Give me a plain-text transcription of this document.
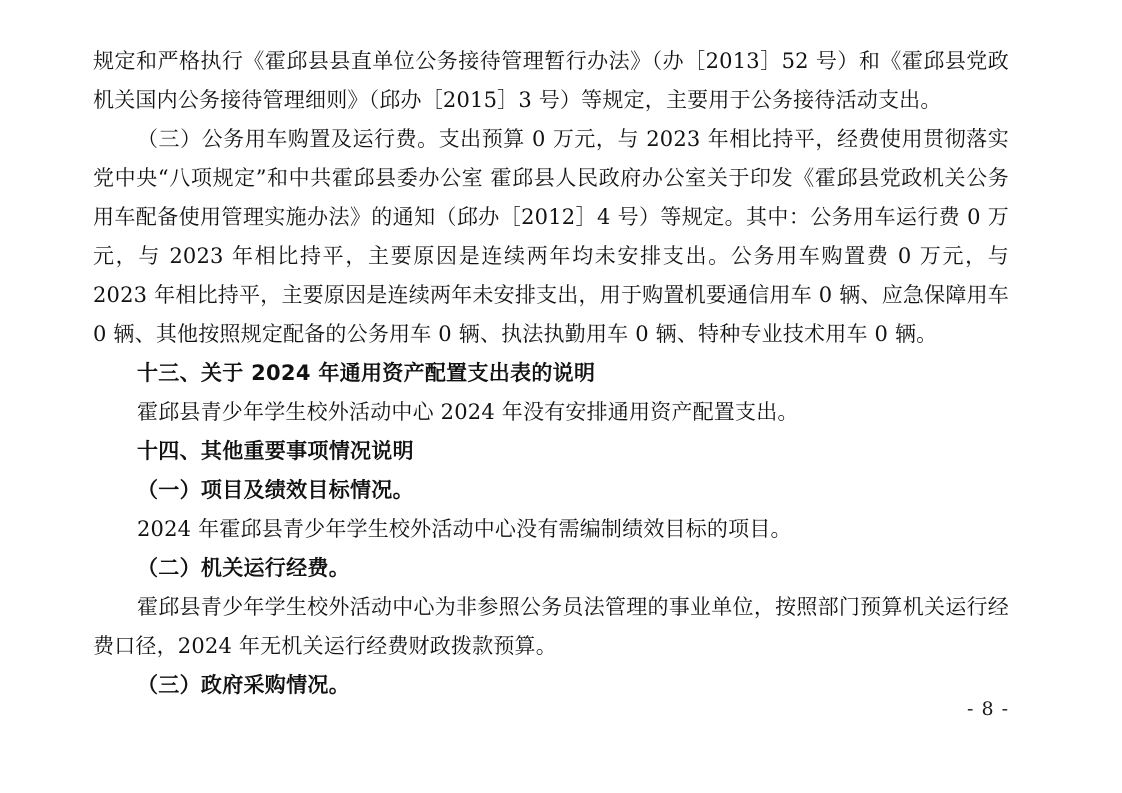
规定和严格执行《霍邱县县直单位公务接待管理暂行办法》（办［2013］52 号）和《霍邱县党政机关国内公务接待管理细则》（邱办［2015］3 号）等规定，主要用于公务接待活动支出。

（三）公务用车购置及运行费。支出预算 0 万元，与 2023 年相比持平，经费使用贯彻落实党中央“八项规定”和中共霍邱县委办公室 霍邱县人民政府办公室关于印发《霍邱县党政机关公务用车配备使用管理实施办法》的通知（邱办［2012］4 号）等规定。其中：公务用车运行费 0 万元，与 2023 年相比持平，主要原因是连续两年均未安排支出。公务用车购置费 0 万元，与 2023 年相比持平，主要原因是连续两年未安排支出，用于购置机要通信用车 0 辆、应急保障用车 0 辆、其他按照规定配备的公务用车 0 辆、执法执勤用车 0 辆、特种专业技术用车 0 辆。

十三、关于 2024 年通用资产配置支出表的说明

霍邱县青少年学生校外活动中心 2024 年没有安排通用资产配置支出。

十四、其他重要事项情况说明

（一）项目及绩效目标情况。

2024 年霍邱县青少年学生校外活动中心没有需编制绩效目标的项目。

（二）机关运行经费。

霍邱县青少年学生校外活动中心为非参照公务员法管理的事业单位，按照部门预算机关运行经费口径，2024 年无机关运行经费财政拨款预算。

（三）政府采购情况。

- 8 -
